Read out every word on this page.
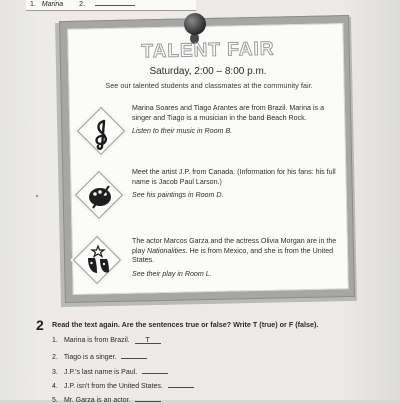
1. Marina 2.
TALENT FAIR
Saturday, 2:00 – 8:00 p.m.
See our talented students and classmates at the community fair.
Marina Soares and Tiago Arantes are from Brazil. Marina is a singer and Tiago is a musician in the band Beach Rock.
Listen to their music in Room B.
Meet the artist J.P. from Canada. (Information for his fans: his full name is Jacob Paul Larson.)
See his paintings in Room D.
The actor Marcos Garza and the actress Olivia Morgan are in the play Nationalities. He is from Mexico, and she is from the United States.
See their play in Room L.
2 Read the text again. Are the sentences true or false? Write T (true) or F (false).
1. Marina is from Brazil. T
2. Tiago is a singer.
3. J.P.'s last name is Paul.
4. J.P. isn't from the United States.
5. Mr. Garza is an actor.
